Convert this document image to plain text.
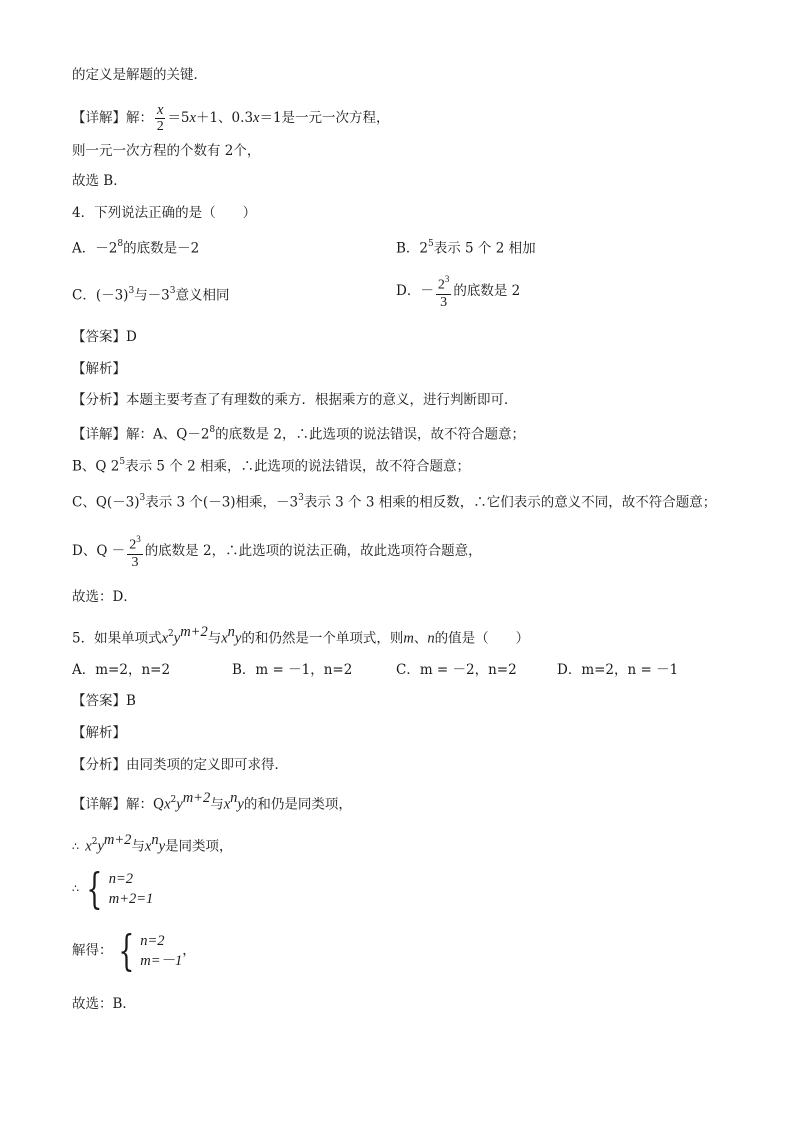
的定义是解题的关键．
【详解】解： $\frac{x}{2} =5x+1$、0.3x＝1是一元一次方程，
则一元一次方程的个数有 2个，
故选 B．
4．下列说法正确的是（　　）
A．$-2^8$的底数是－2	B．$2^5$表示 5 个 2 相加
C．$(-3)^3$与$-3^3$意义相同	D．－ $\frac{2^3}{3}$ 的底数是 2
【答案】D
【解析】
【分析】本题主要考查了有理数的乘方．根据乘方的意义，进行判断即可．
【详解】解：A、$Q-2^8$的底数是 2，∴此选项的说法错误，故不符合题意；
B、Q $2^5$表示 5 个 2 相乘，∴此选项的说法错误，故不符合题意；
C、$Q(-3)^3$表示 3 个(－3)相乘，$-3^3$表示 3 个 3 相乘的相反数，∴它们表示的意义不同，故不符合题意；
D、$Q - \frac{2^3}{3}$ 的底数是 2，∴此选项的说法正确，故此选项符合题意，
故选：D．
5．如果单项式$x^2y^{m+2}$与$x^ny$的和仍然是一个单项式，则m、n的值是（　　）
A．m=2，n=2	B．m = －1，n=2	C．m = －2，n=2	D．m=2，n = －1
【答案】B
【解析】
【分析】由同类项的定义即可求得．
【详解】解：$Qx^2y^{m+2}$与$x^ny$的和仍是同类项，
∴ $x^2y^{m+2}$与$x^ny$是同类项，
∴ { n=2
m+2=1
解得： { n=2
m=－1
，
故选：B．
